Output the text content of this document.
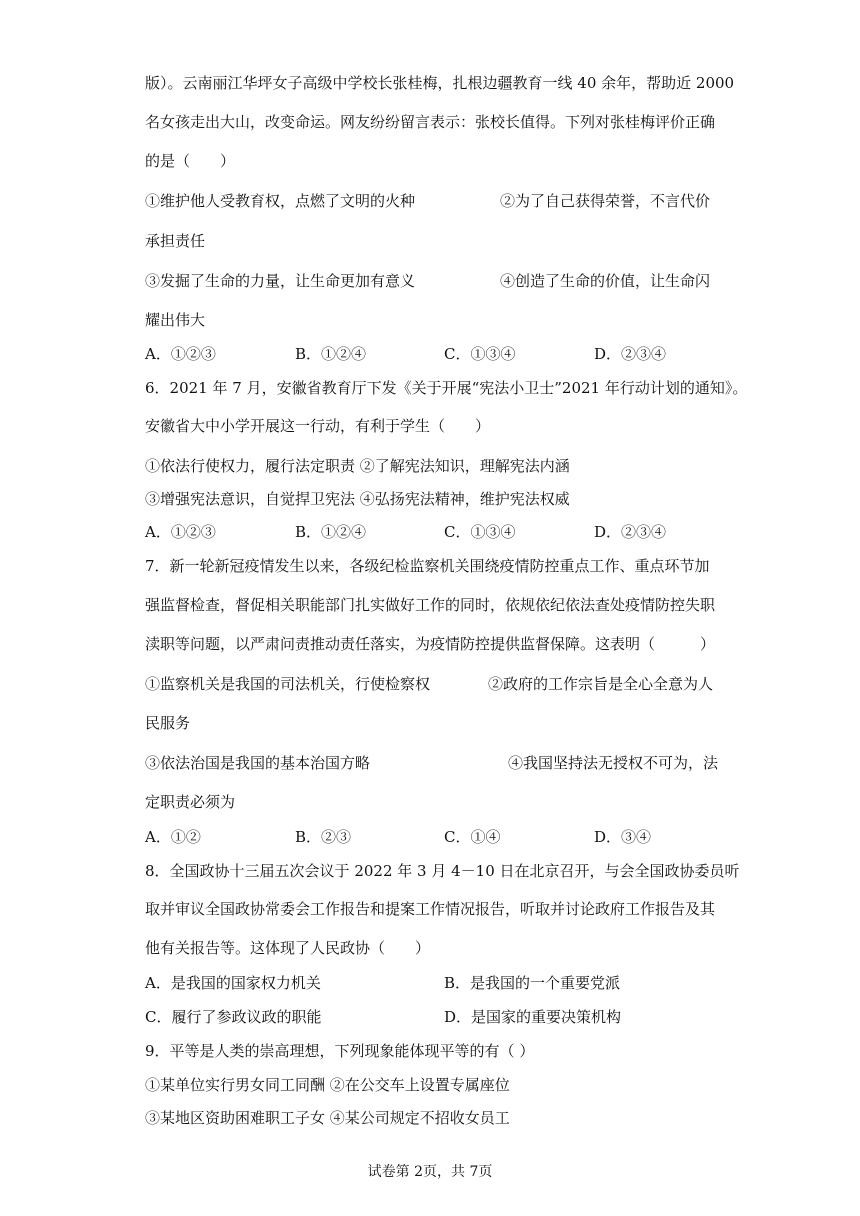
版）。云南丽江华坪女子高级中学校长张桂梅，扎根边疆教育一线 40 余年，帮助近 2000
名女孩走出大山，改变命运。网友纷纷留言表示：张校长值得。下列对张桂梅评价正确
的是（　　）
①维护他人受教育权，点燃了文明的火种	②为了自己获得荣誉，不言代价
承担责任
③发掘了生命的力量，让生命更加有意义	④创造了生命的价值，让生命闪
耀出伟大
A．①②③	B．①②④	C．①③④	D．②③④
6．2021 年 7 月，安徽省教育厅下发《关于开展“宪法小卫士”2021 年行动计划的通知》。
安徽省大中小学开展这一行动，有利于学生（　　）
①依法行使权力，履行法定职责 ②了解宪法知识，理解宪法内涵
③增强宪法意识，自觉捍卫宪法 ④弘扬宪法精神，维护宪法权威
A．①②③	B．①②④	C．①③④	D．②③④
7．新一轮新冠疫情发生以来，各级纪检监察机关围绕疫情防控重点工作、重点环节加
强监督检查，督促相关职能部门扎实做好工作的同时，依规依纪依法查处疫情防控失职
渎职等问题，以严肃问责推动责任落实，为疫情防控提供监督保障。这表明（　　　）
①监察机关是我国的司法机关，行使检察权	②政府的工作宗旨是全心全意为人
民服务
③依法治国是我国的基本治国方略	④我国坚持法无授权不可为，法
定职责必须为
A．①②	B．②③	C．①④	D．③④
8．全国政协十三届五次会议于 2022 年 3 月 4－10 日在北京召开，与会全国政协委员听
取并审议全国政协常委会工作报告和提案工作情况报告，听取并讨论政府工作报告及其
他有关报告等。这体现了人民政协（　　）
A．是我国的国家权力机关	B．是我国的一个重要党派
C．履行了参政议政的职能	D．是国家的重要决策机构
9．平等是人类的崇高理想，下列现象能体现平等的有（ ）
①某单位实行男女同工同酬 ②在公交车上设置专属座位
③某地区资助困难职工子女 ④某公司规定不招收女员工
试卷第 2页，共 7页
